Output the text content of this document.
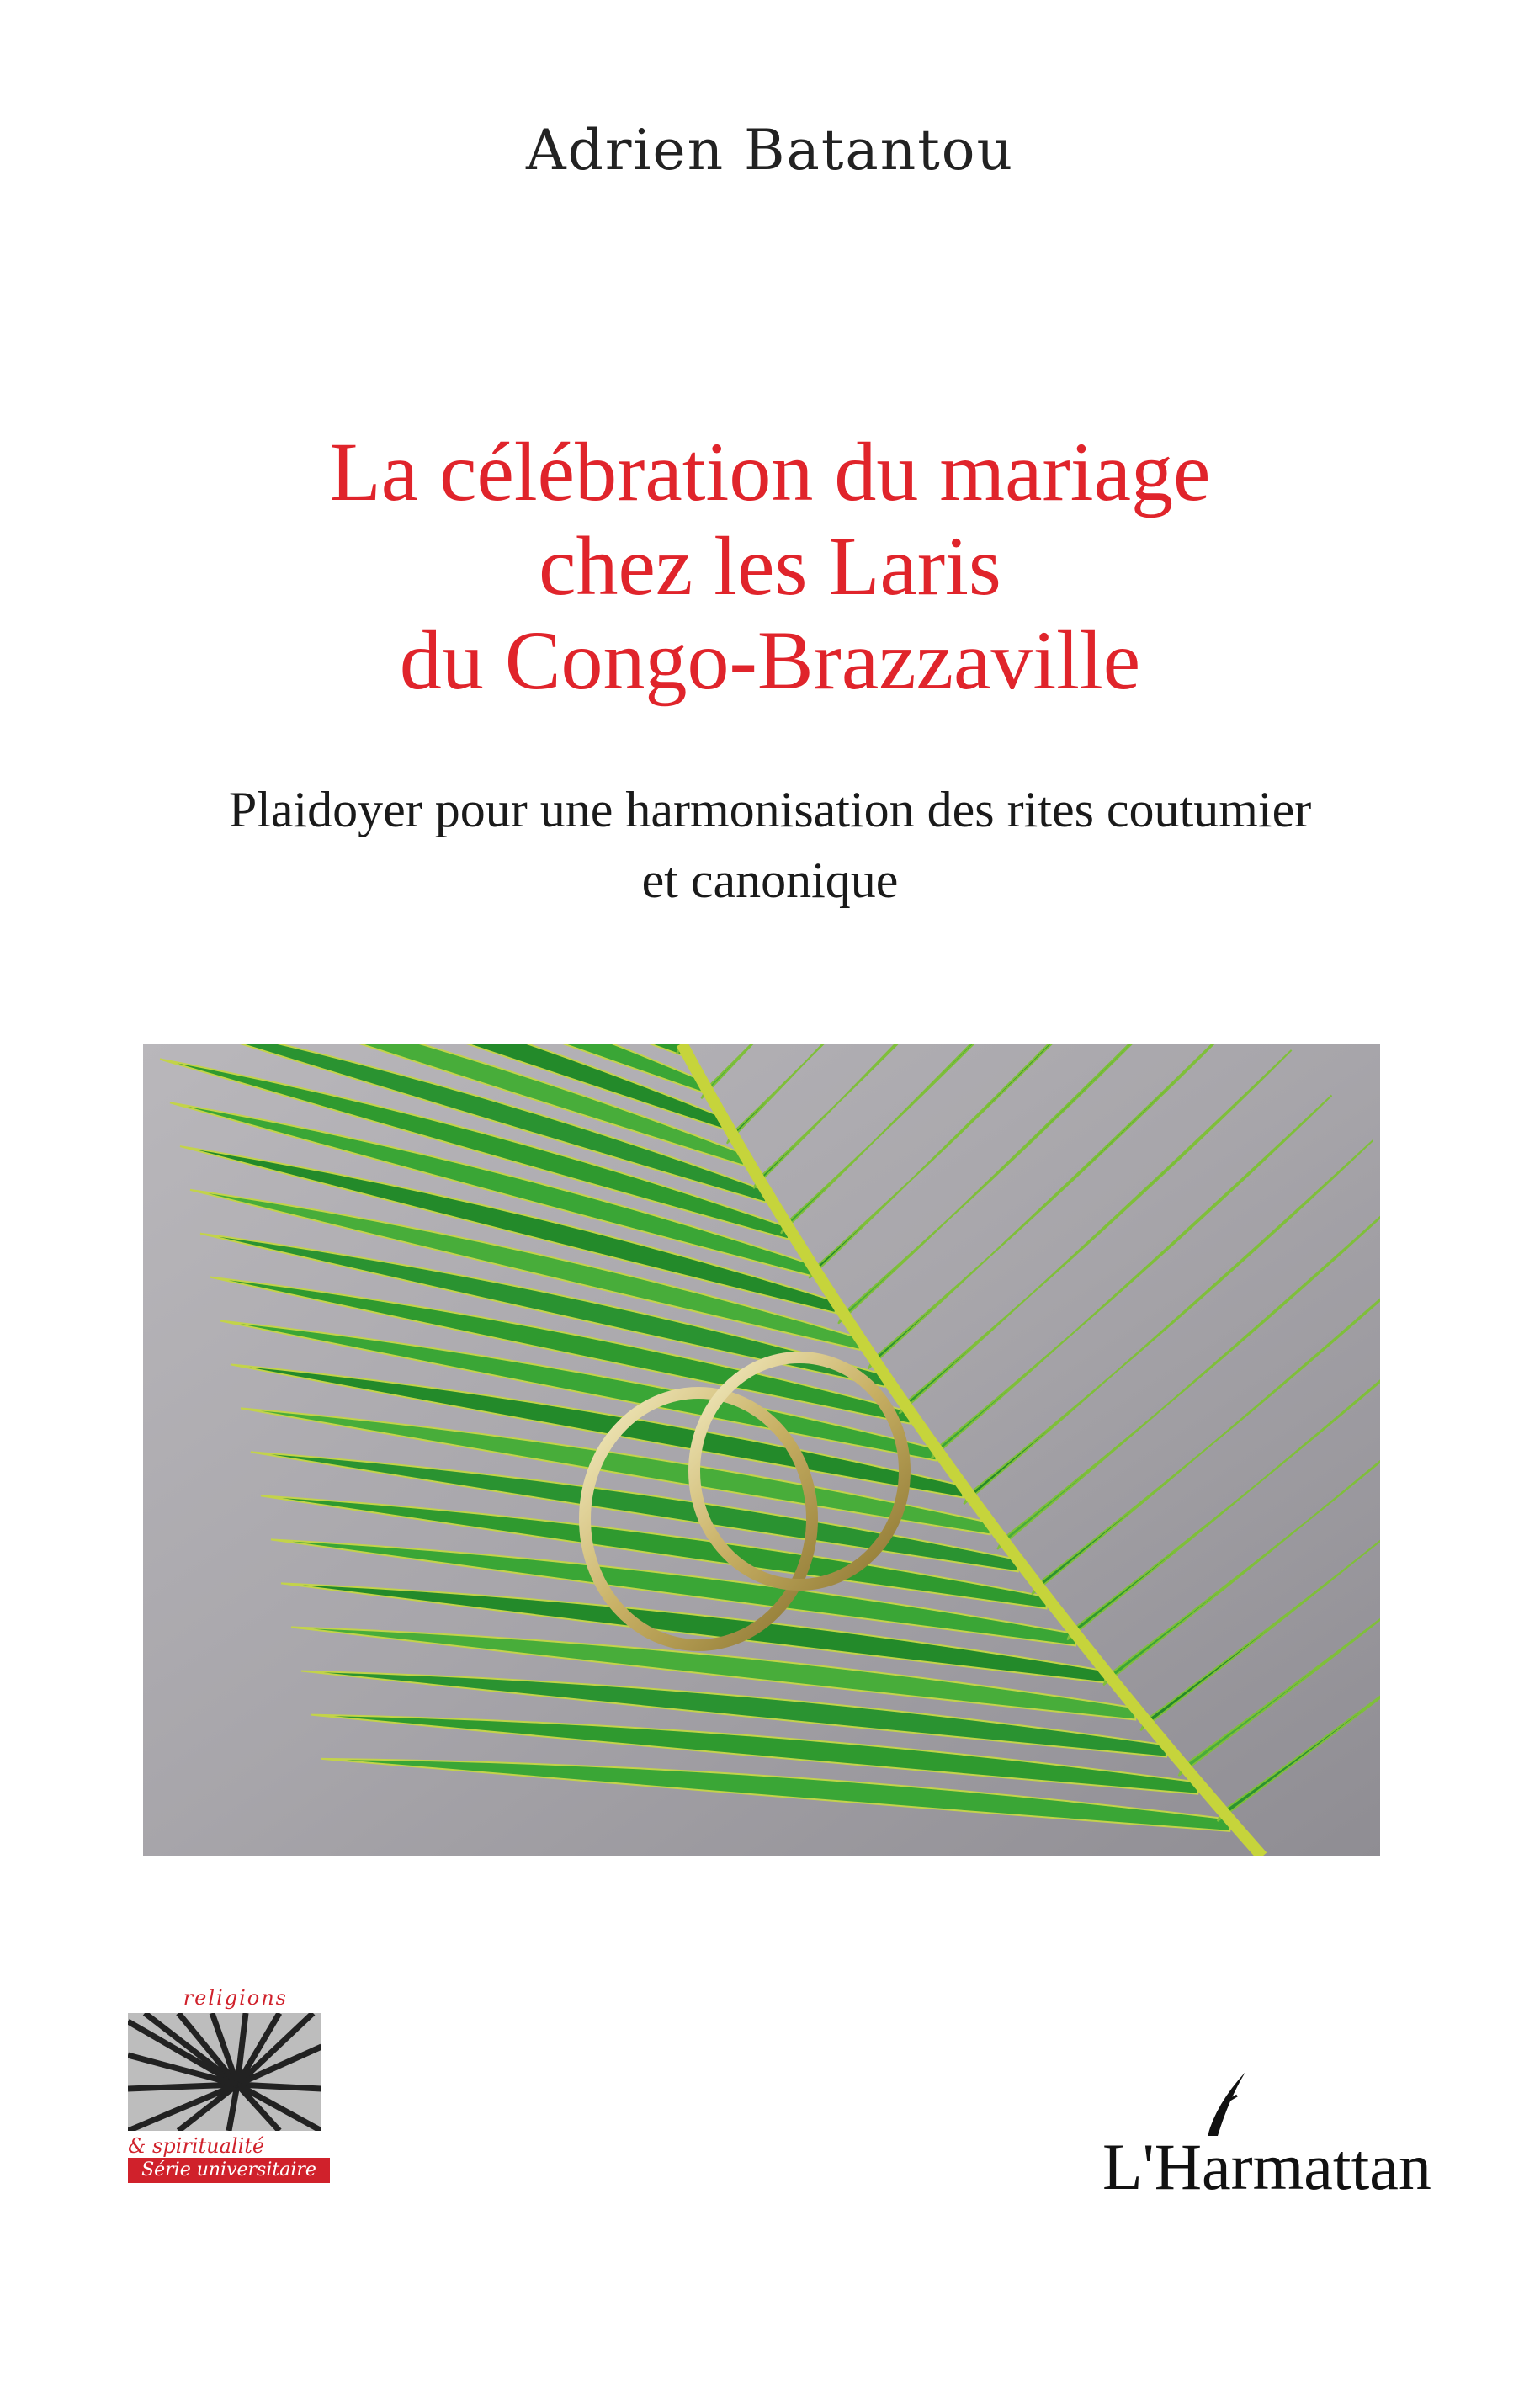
Adrien Batantou
La célébration du mariage
chez les Laris
du Congo-Brazzaville
Plaidoyer pour une harmonisation des rites coutumier
et canonique
religions
& spiritualité
Série universitaire	L'Harmattan
